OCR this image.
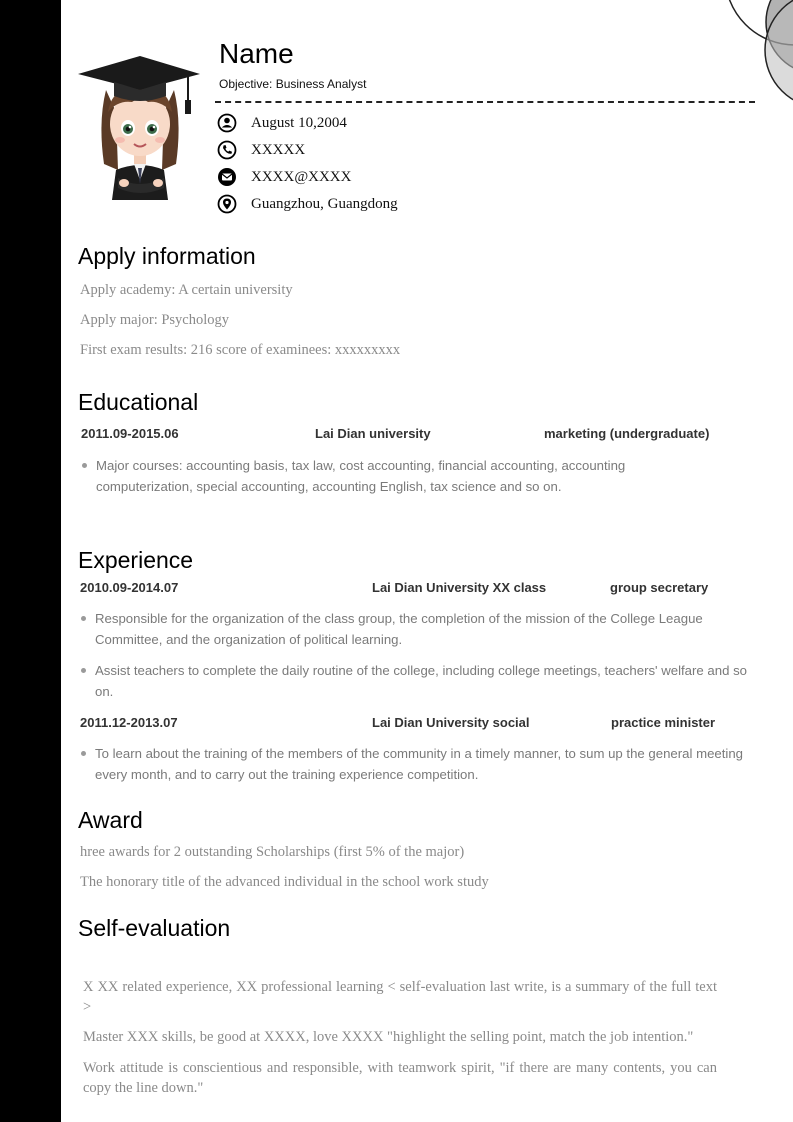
Name
Objective: Business Analyst
August 10,2004
XXXXX
XXXX@XXXX
Guangzhou, Guangdong
Apply information
Apply academy: A certain university
Apply major: Psychology
First exam results: 216 score of examinees: xxxxxxxxx
Educational
2011.09-2015.06	Lai Dian university	marketing (undergraduate)
Major courses: accounting basis, tax law, cost accounting, financial accounting, accounting computerization, special accounting, accounting English, tax science and so on.
Experience
2010.09-2014.07	Lai Dian University XX class	group secretary
Responsible for the organization of the class group, the completion of the mission of the College League Committee, and the organization of political learning.
Assist teachers to complete the daily routine of the college, including college meetings, teachers' welfare and so on.
2011.12-2013.07	Lai Dian University social	practice minister
To learn about the training of the members of the community in a timely manner, to sum up the general meeting every month, and to carry out the training experience competition.
Award
hree awards for 2 outstanding Scholarships (first 5% of the major)
The honorary title of the advanced individual in the school work study
Self-evaluation
X XX related experience, XX professional learning < self-evaluation last write, is a summary of the full text >
Master XXX skills, be good at XXXX, love XXXX "highlight the selling point, match the job intention."
Work attitude is conscientious and responsible, with teamwork spirit, "if there are many contents, you can copy the line down."
